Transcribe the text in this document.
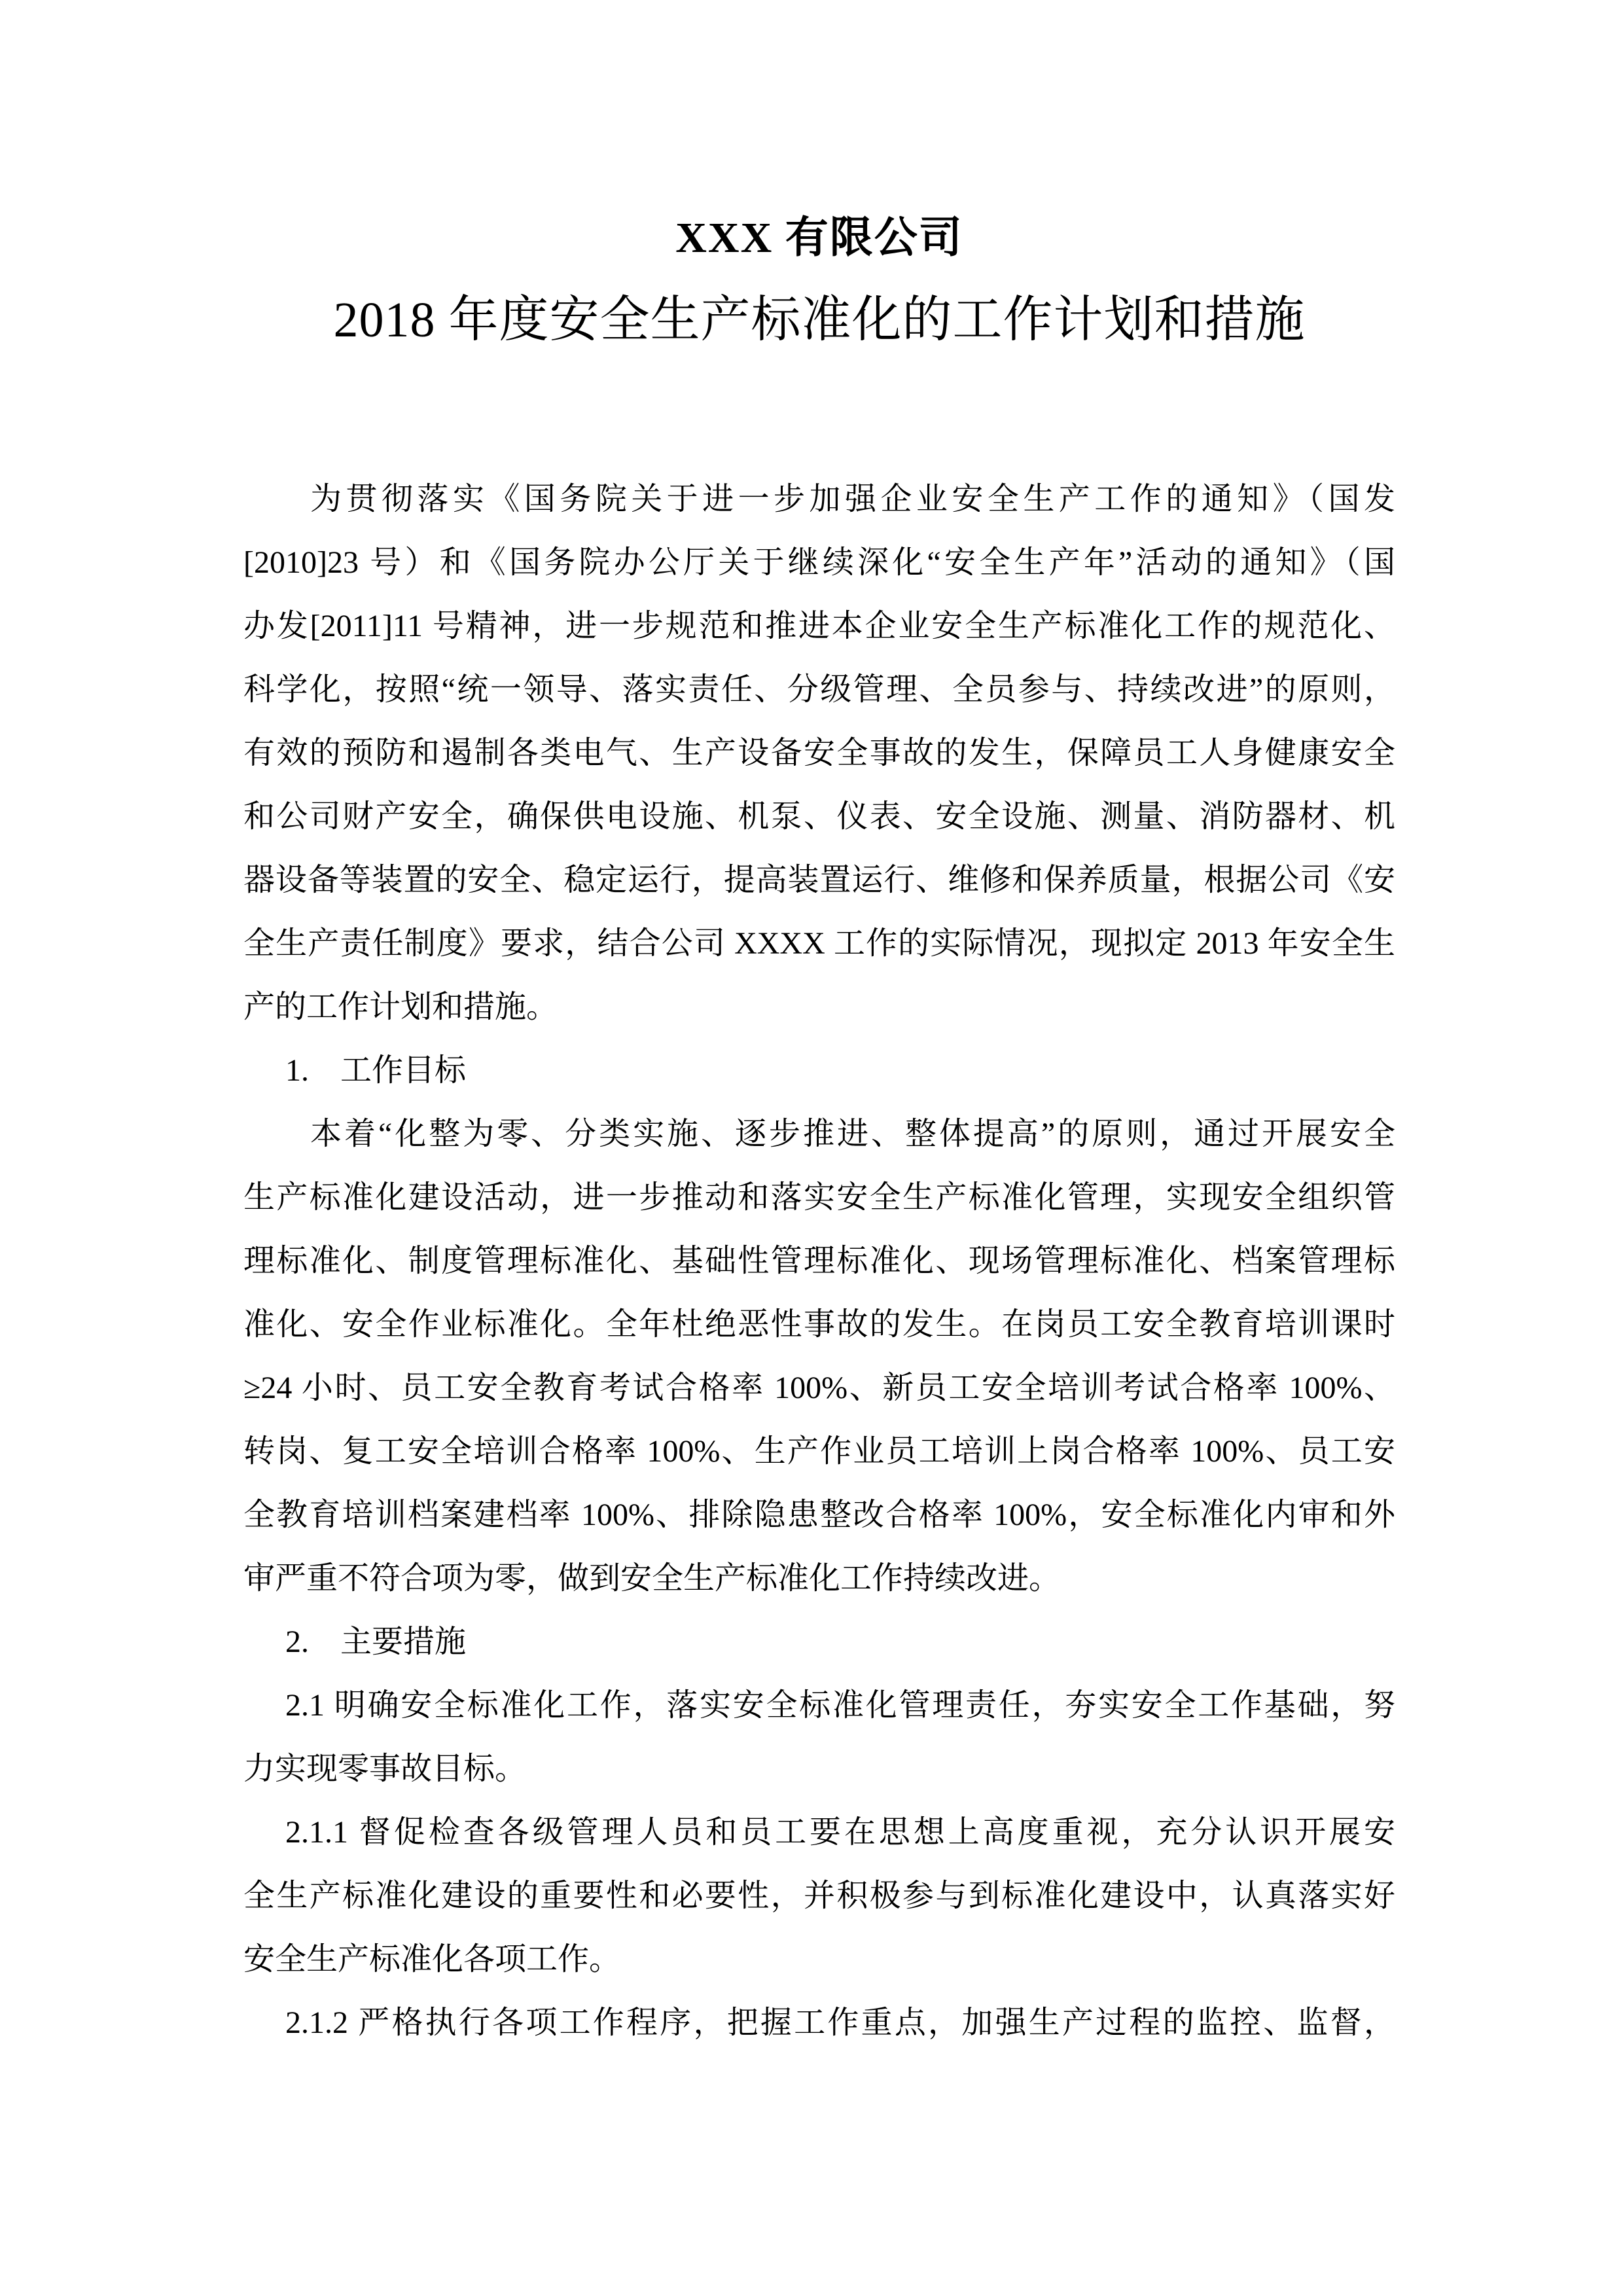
XXX 有限公司
2018 年度安全生产标准化的工作计划和措施
为贯彻落实《国务院关于进一步加强企业安全生产工作的通知》（国发
[2010]23 号）和《国务院办公厅关于继续深化“安全生产年”活动的通知》（国
办发[2011]11 号精神，进一步规范和推进本企业安全生产标准化工作的规范化、
科学化，按照“统一领导、落实责任、分级管理、全员参与、持续改进”的原则，
有效的预防和遏制各类电气、生产设备安全事故的发生，保障员工人身健康安全
和公司财产安全，确保供电设施、机泵、仪表、安全设施、测量、消防器材、机
器设备等装置的安全、稳定运行，提高装置运行、维修和保养质量，根据公司《安
全生产责任制度》要求，结合公司 XXXX 工作的实际情况，现拟定 2013 年安全生
产的工作计划和措施。
1.　工作目标
本着“化整为零、分类实施、逐步推进、整体提高”的原则，通过开展安全
生产标准化建设活动，进一步推动和落实安全生产标准化管理，实现安全组织管
理标准化、制度管理标准化、基础性管理标准化、现场管理标准化、档案管理标
准化、安全作业标准化。全年杜绝恶性事故的发生。在岗员工安全教育培训课时
≥24 小时、员工安全教育考试合格率 100%、新员工安全培训考试合格率 100%、
转岗、复工安全培训合格率 100%、生产作业员工培训上岗合格率 100%、员工安
全教育培训档案建档率 100%、排除隐患整改合格率 100%，安全标准化内审和外
审严重不符合项为零，做到安全生产标准化工作持续改进。
2.　主要措施
2.1 明确安全标准化工作，落实安全标准化管理责任，夯实安全工作基础，努
力实现零事故目标。
2.1.1 督促检查各级管理人员和员工要在思想上高度重视，充分认识开展安
全生产标准化建设的重要性和必要性，并积极参与到标准化建设中，认真落实好
安全生产标准化各项工作。
2.1.2 严格执行各项工作程序，把握工作重点，加强生产过程的监控、监督，
